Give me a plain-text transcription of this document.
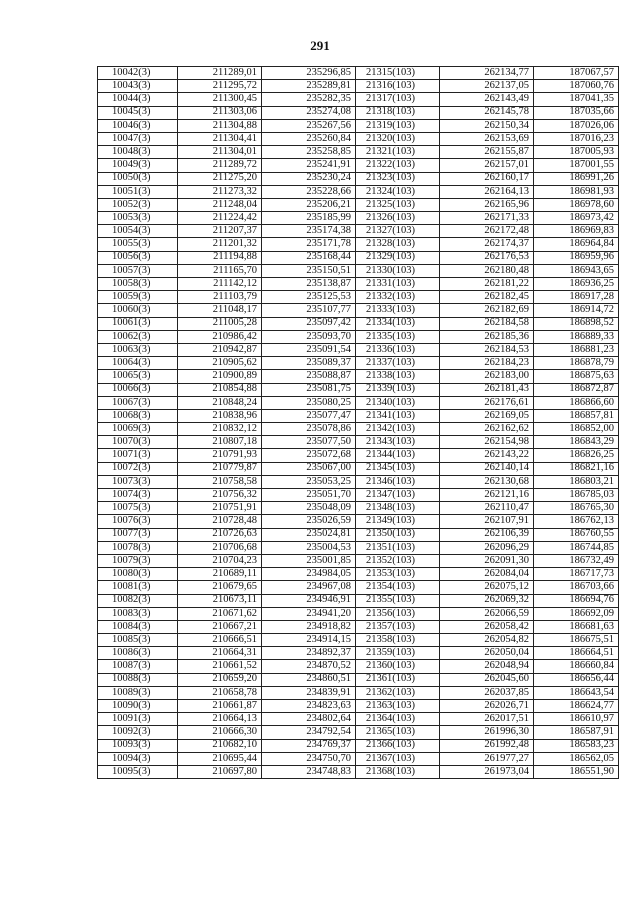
291
10042(3)	211289,01	235296,85	21315(103)	262134,77	187067,57
10043(3)	211295,72	235289,81	21316(103)	262137,05	187060,76
10044(3)	211300,45	235282,35	21317(103)	262143,49	187041,35
10045(3)	211303,06	235274,08	21318(103)	262145,78	187035,66
10046(3)	211304,88	235267,56	21319(103)	262150,34	187026,06
10047(3)	211304,41	235260,84	21320(103)	262153,69	187016,23
10048(3)	211304,01	235258,85	21321(103)	262155,87	187005,93
10049(3)	211289,72	235241,91	21322(103)	262157,01	187001,55
10050(3)	211275,20	235230,24	21323(103)	262160,17	186991,26
10051(3)	211273,32	235228,66	21324(103)	262164,13	186981,93
10052(3)	211248,04	235206,21	21325(103)	262165,96	186978,60
10053(3)	211224,42	235185,99	21326(103)	262171,33	186973,42
10054(3)	211207,37	235174,38	21327(103)	262172,48	186969,83
10055(3)	211201,32	235171,78	21328(103)	262174,37	186964,84
10056(3)	211194,88	235168,44	21329(103)	262176,53	186959,96
10057(3)	211165,70	235150,51	21330(103)	262180,48	186943,65
10058(3)	211142,12	235138,87	21331(103)	262181,22	186936,25
10059(3)	211103,79	235125,53	21332(103)	262182,45	186917,28
10060(3)	211048,17	235107,77	21333(103)	262182,69	186914,72
10061(3)	211005,28	235097,42	21334(103)	262184,58	186898,52
10062(3)	210986,42	235093,70	21335(103)	262185,36	186889,33
10063(3)	210942,87	235091,54	21336(103)	262184,53	186881,23
10064(3)	210905,62	235089,37	21337(103)	262184,23	186878,79
10065(3)	210900,89	235088,87	21338(103)	262183,00	186875,63
10066(3)	210854,88	235081,75	21339(103)	262181,43	186872,87
10067(3)	210848,24	235080,25	21340(103)	262176,61	186866,60
10068(3)	210838,96	235077,47	21341(103)	262169,05	186857,81
10069(3)	210832,12	235078,86	21342(103)	262162,62	186852,00
10070(3)	210807,18	235077,50	21343(103)	262154,98	186843,29
10071(3)	210791,93	235072,68	21344(103)	262143,22	186826,25
10072(3)	210779,87	235067,00	21345(103)	262140,14	186821,16
10073(3)	210758,58	235053,25	21346(103)	262130,68	186803,21
10074(3)	210756,32	235051,70	21347(103)	262121,16	186785,03
10075(3)	210751,91	235048,09	21348(103)	262110,47	186765,30
10076(3)	210728,48	235026,59	21349(103)	262107,91	186762,13
10077(3)	210726,63	235024,81	21350(103)	262106,39	186760,55
10078(3)	210706,68	235004,53	21351(103)	262096,29	186744,85
10079(3)	210704,23	235001,85	21352(103)	262091,30	186732,49
10080(3)	210689,11	234984,05	21353(103)	262084,04	186717,73
10081(3)	210679,65	234967,08	21354(103)	262075,12	186703,66
10082(3)	210673,11	234946,91	21355(103)	262069,32	186694,76
10083(3)	210671,62	234941,20	21356(103)	262066,59	186692,09
10084(3)	210667,21	234918,82	21357(103)	262058,42	186681,63
10085(3)	210666,51	234914,15	21358(103)	262054,82	186675,51
10086(3)	210664,31	234892,37	21359(103)	262050,04	186664,51
10087(3)	210661,52	234870,52	21360(103)	262048,94	186660,84
10088(3)	210659,20	234860,51	21361(103)	262045,60	186656,44
10089(3)	210658,78	234839,91	21362(103)	262037,85	186643,54
10090(3)	210661,87	234823,63	21363(103)	262026,71	186624,77
10091(3)	210664,13	234802,64	21364(103)	262017,51	186610,97
10092(3)	210666,30	234792,54	21365(103)	261996,30	186587,91
10093(3)	210682,10	234769,37	21366(103)	261992,48	186583,23
10094(3)	210695,44	234750,70	21367(103)	261977,27	186562,05
10095(3)	210697,80	234748,83	21368(103)	261973,04	186551,90
